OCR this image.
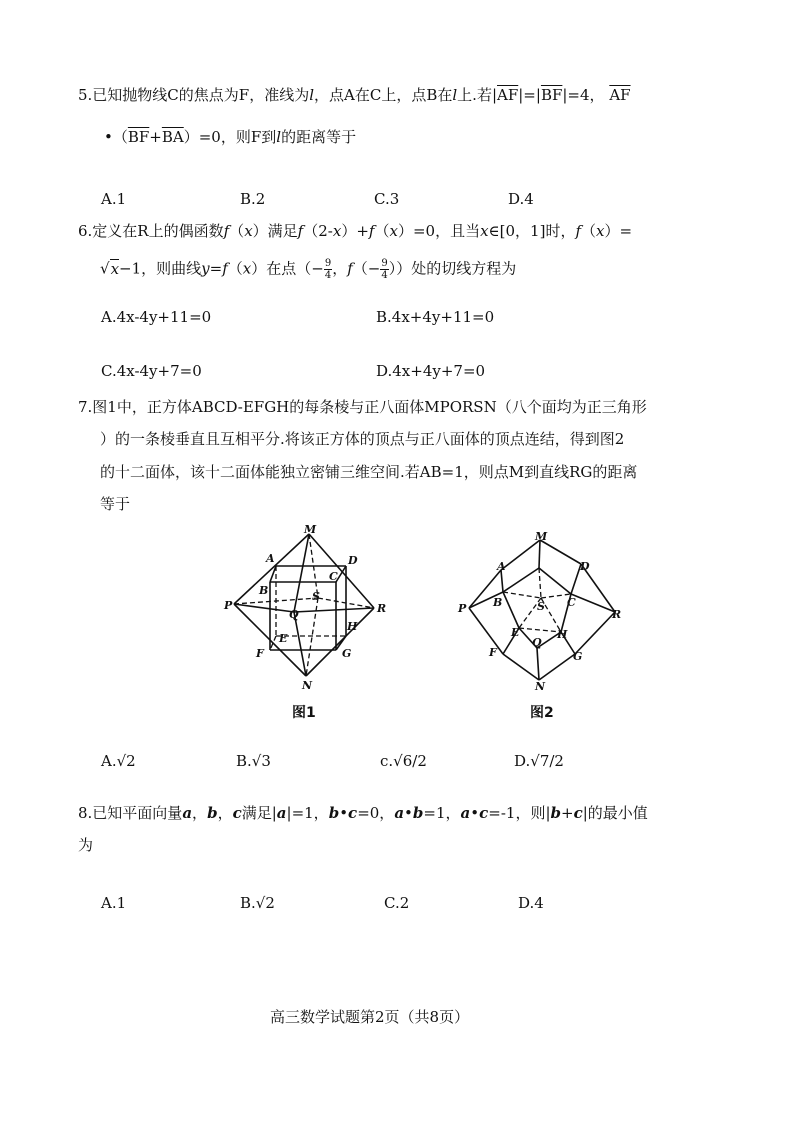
5.已知抛物线C的焦点为F，准线为l，点A在C上，点B在l上.若$|\overline{AF}|=|\overline{BF}|=4$， $\overline{AF}$
$•(\overline{BF}+\overline{BA})=0$，则F到l的距离等于
A.1	B.2	C.3	D.4
6.定义在R上的偶函数f（x）满足f（2-x）+f（x）=0，且当x∈[0，1]时，f（x）=
√x−1，则曲线y=f（x）在点（− $\frac{9}{4}$ ，$f(- \frac{9}{4}$ ））处的切线方程为
A.4x-4y+11=0	B.4x+4y+11=0
C.4x-4y+7=0	D.4x+4y+7=0
7.图1中，正方体ABCD-EFGH的每条棱与正八面体MPORSN（八个面均为正三角形
）的一条棱垂直且互相平分.将该正方体的顶点与正八面体的顶点连结，得到图2
的十二面体，该十二面体能独立密铺三维空间.若AB=1，则点M到直线RG的距离
等于
M
A	D
B
C
S
P	R
Q
E
H
F	G
N
图1
M
A	D
B	S C
P	R
E	H
Q
F	G
N
图2
A.√2	B.√3	c.√6/2	D.√7/2
8.已知平面向量a，b，c满足|a|=1，b•c=0，a•b=1，a•c=-1，则|b+c|的最小值
为
A.1	B.√2	C.2	D.4
高三数学试题第2页（共8页）
